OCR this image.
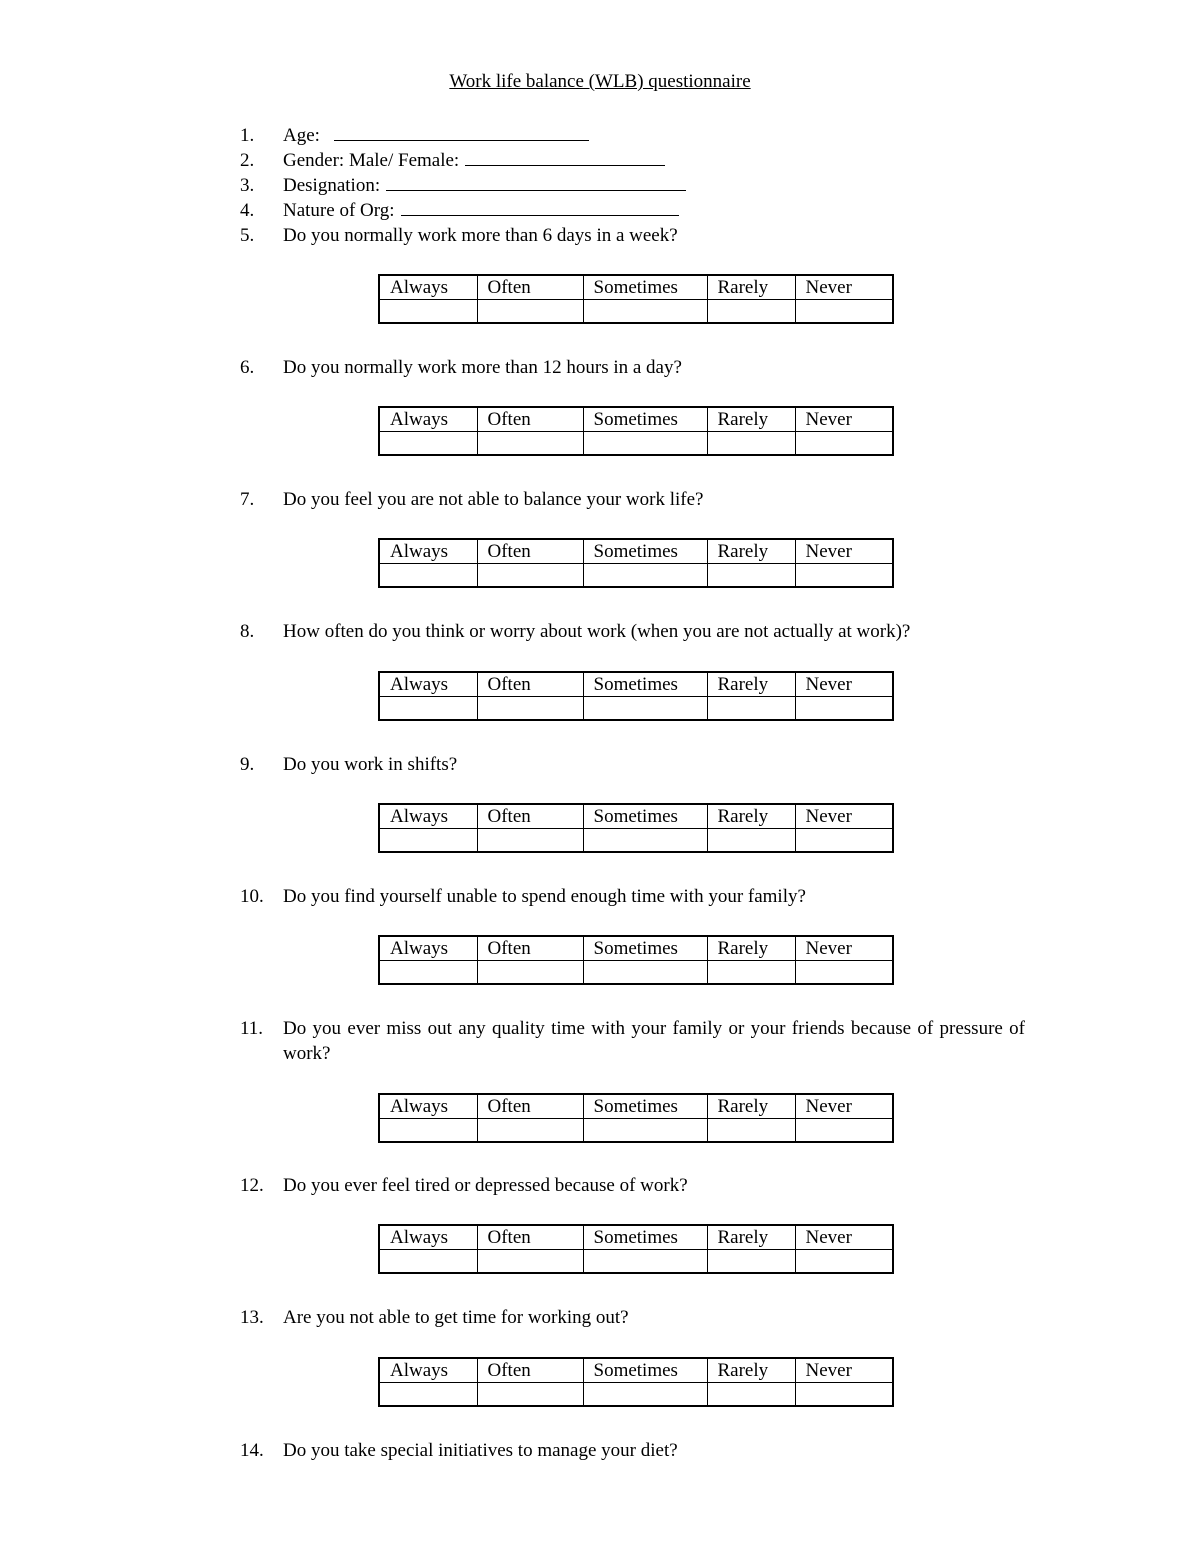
Work life balance (WLB) questionnaire
1. Age:
2. Gender: Male/ Female:
3. Designation:
4. Nature of Org:
5. Do you normally work more than 6 days in a week?
Always	Often	Sometimes	Rarely	Never

6. Do you normally work more than 12 hours in a day?
Always	Often	Sometimes	Rarely	Never

7. Do you feel you are not able to balance your work life?
Always	Often	Sometimes	Rarely	Never

8. How often do you think or worry about work (when you are not actually at work)?
Always	Often	Sometimes	Rarely	Never

9. Do you work in shifts?
Always	Often	Sometimes	Rarely	Never

10. Do you find yourself unable to spend enough time with your family?
Always	Often	Sometimes	Rarely	Never

11. Do you ever miss out any quality time with your family or your friends because of pressure of work?
Always	Often	Sometimes	Rarely	Never

12. Do you ever feel tired or depressed because of work?
Always	Often	Sometimes	Rarely	Never

13. Are you not able to get time for working out?
Always	Often	Sometimes	Rarely	Never

14. Do you take special initiatives to manage your diet?
